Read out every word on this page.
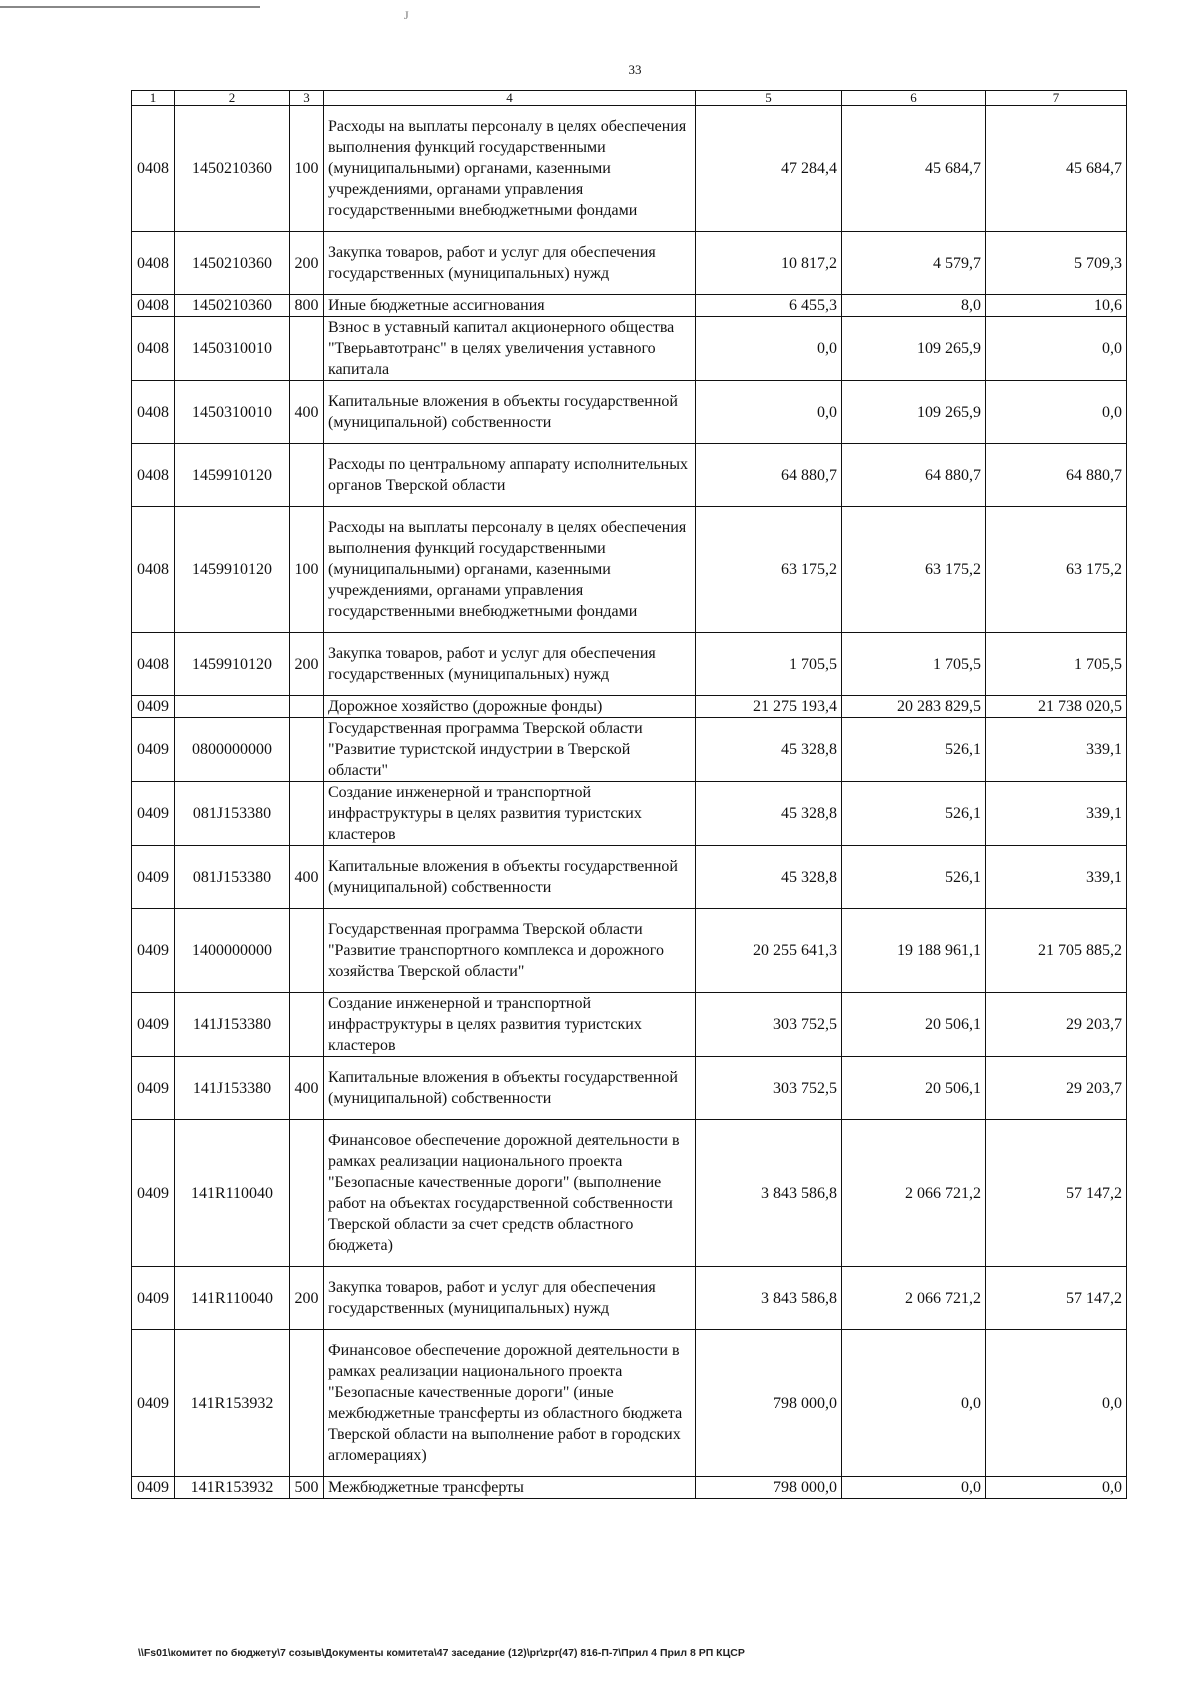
J
33
1	2	3	4	5	6	7
0408	1450210360	100	Расходы на выплаты персоналу в целях обеспечения выполнения функций государственными (муниципальными) органами, казенными учреждениями, органами управления государственными внебюджетными фондами	47 284,4	45 684,7	45 684,7
0408	1450210360	200	Закупка товаров, работ и услуг для обеспечения государственных (муниципальных) нужд	10 817,2	4 579,7	5 709,3
0408	1450210360	800	Иные бюджетные ассигнования	6 455,3	8,0	10,6
0408	1450310010		Взнос в уставный капитал акционерного общества "Тверьавтотранс" в целях увеличения уставного капитала	0,0	109 265,9	0,0
0408	1450310010	400	Капитальные вложения в объекты государственной (муниципальной) собственности	0,0	109 265,9	0,0
0408	1459910120		Расходы по центральному аппарату исполнительных органов Тверской области	64 880,7	64 880,7	64 880,7
0408	1459910120	100	Расходы на выплаты персоналу в целях обеспечения выполнения функций государственными (муниципальными) органами, казенными учреждениями, органами управления государственными внебюджетными фондами	63 175,2	63 175,2	63 175,2
0408	1459910120	200	Закупка товаров, работ и услуг для обеспечения государственных (муниципальных) нужд	1 705,5	1 705,5	1 705,5
0409			Дорожное хозяйство (дорожные фонды)	21 275 193,4	20 283 829,5	21 738 020,5
0409	0800000000		Государственная программа Тверской области "Развитие туристской индустрии в Тверской области"	45 328,8	526,1	339,1
0409	081J153380		Создание инженерной и транспортной инфраструктуры в целях развития туристских кластеров	45 328,8	526,1	339,1
0409	081J153380	400	Капитальные вложения в объекты государственной (муниципальной) собственности	45 328,8	526,1	339,1
0409	1400000000		Государственная программа Тверской области "Развитие транспортного комплекса и дорожного хозяйства Тверской области"	20 255 641,3	19 188 961,1	21 705 885,2
0409	141J153380		Создание инженерной и транспортной инфраструктуры в целях развития туристских кластеров	303 752,5	20 506,1	29 203,7
0409	141J153380	400	Капитальные вложения в объекты государственной (муниципальной) собственности	303 752,5	20 506,1	29 203,7
0409	141R110040		Финансовое обеспечение дорожной деятельности в рамках реализации национального проекта "Безопасные качественные дороги" (выполнение работ на объектах государственной собственности Тверской области за счет средств областного бюджета)	3 843 586,8	2 066 721,2	57 147,2
0409	141R110040	200	Закупка товаров, работ и услуг для обеспечения государственных (муниципальных) нужд	3 843 586,8	2 066 721,2	57 147,2
0409	141R153932		Финансовое обеспечение дорожной деятельности в рамках реализации национального проекта "Безопасные качественные дороги" (иные межбюджетные трансферты из областного бюджета Тверской области на выполнение работ в городских агломерациях)	798 000,0	0,0	0,0
0409	141R153932	500	Межбюджетные трансферты	798 000,0	0,0	0,0
\\Fs01\комитет по бюджету\7 созыв\Документы комитета\47 заседание (12)\pr\zpr(47) 816-П-7\Прил 4 Прил 8 РП КЦСР
